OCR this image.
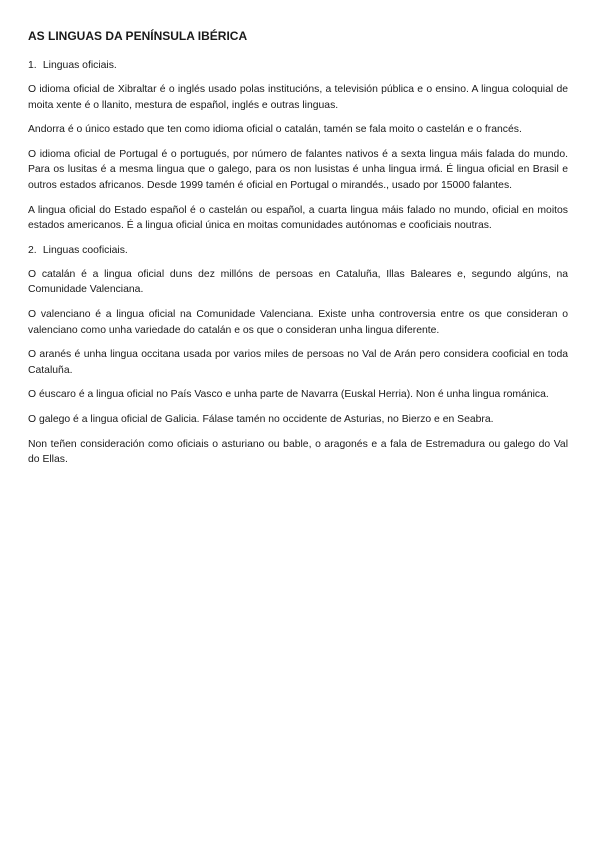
AS LINGUAS DA PENÍNSULA IBÉRICA

1. Linguas oficiais.

O idioma oficial de Xibraltar é o inglés usado polas institucións, a televisión pública e o ensino. A lingua coloquial de moita xente é o llanito, mestura de español, inglés e outras linguas.

Andorra é o único estado que ten como idioma oficial o catalán, tamén se fala moito o castelán e o francés.

O idioma oficial de Portugal é o portugués, por número de falantes nativos é a sexta lingua máis falada do mundo. Para os lusitas é a mesma lingua que o galego, para os non lusistas é unha lingua irmá. É lingua oficial en Brasil e outros estados africanos. Desde 1999 tamén é oficial en Portugal o mirandés., usado por 15000 falantes.

A lingua oficial do Estado español é o castelán ou español, a cuarta lingua máis falado no mundo, oficial en moitos estados americanos. É a lingua oficial única en moitas comunidades autónomas e cooficiais noutras.

2. Linguas cooficiais.

O catalán é a lingua oficial duns dez millóns de persoas en Cataluña, Illas Baleares e, segundo algúns, na Comunidade Valenciana.

O valenciano é a lingua oficial na Comunidade Valenciana. Existe unha controversia entre os que consideran o valenciano como unha variedade do catalán e os que o consideran unha lingua diferente.

O aranés é unha lingua occitana usada por varios miles de persoas no Val de Arán pero considera cooficial en toda Cataluña.

O éuscaro é a lingua oficial no País Vasco e unha parte de Navarra (Euskal Herria). Non é unha lingua románica.

O galego é a lingua oficial de Galicia. Fálase tamén no occidente de Asturias, no Bierzo e en Seabra.

Non teñen consideración como oficiais o asturiano ou bable, o aragonés e a fala de Estremadura ou galego do Val do Ellas.
